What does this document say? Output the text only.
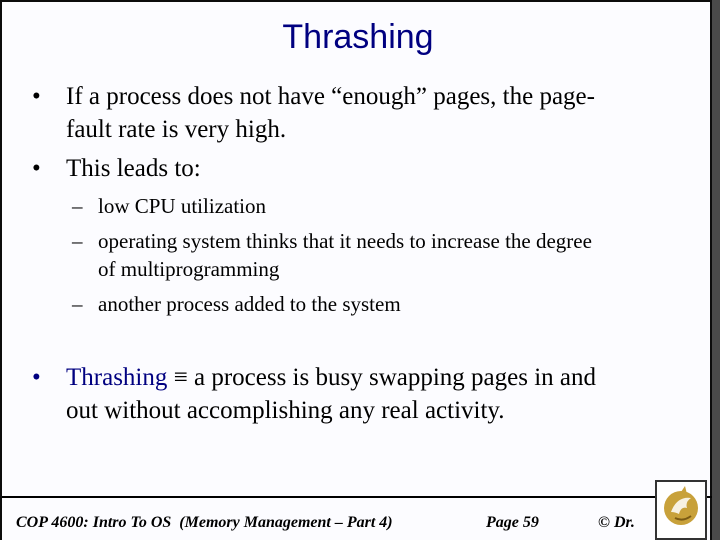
Thrashing
• If a process does not have “enough” pages, the page-
fault rate is very high.
• This leads to:
– low CPU utilization
– operating system thinks that it needs to increase the degree
of multiprogramming
– another process added to the system
• Thrashing ≡ a process is busy swapping pages in and
out without accomplishing any real activity.
COP 4600: Intro To OS  (Memory Management – Part 4)	Page 59	© Dr.
